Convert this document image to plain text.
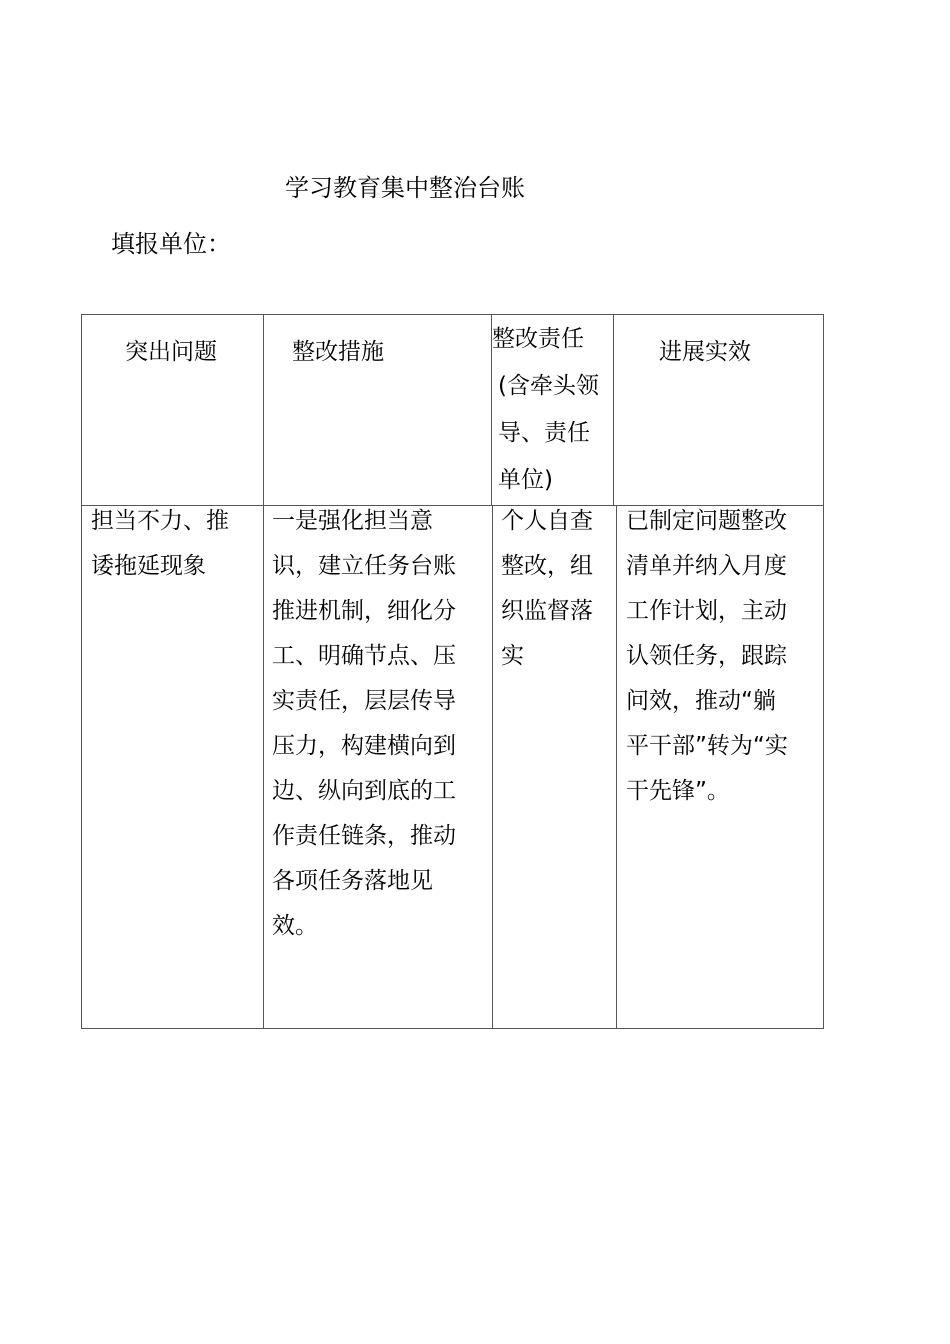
学习教育集中整治台账
填报单位：
突出问题	整改措施	整改责任
(含牵头领
导、责任
单位)
进展实效
担当不力、推
诿拖延现象
一是强化担当意
识，建立任务台账
推进机制，细化分
工、明确节点、压
实责任，层层传导
压力，构建横向到
边、纵向到底的工
作责任链条，推动
各项任务落地见
效。
个人自查
整改，组
织监督落
实
已制定问题整改
清单并纳入月度
工作计划，主动
认领任务，跟踪
问效，推动“躺
平干部”转为“实
干先锋”。
